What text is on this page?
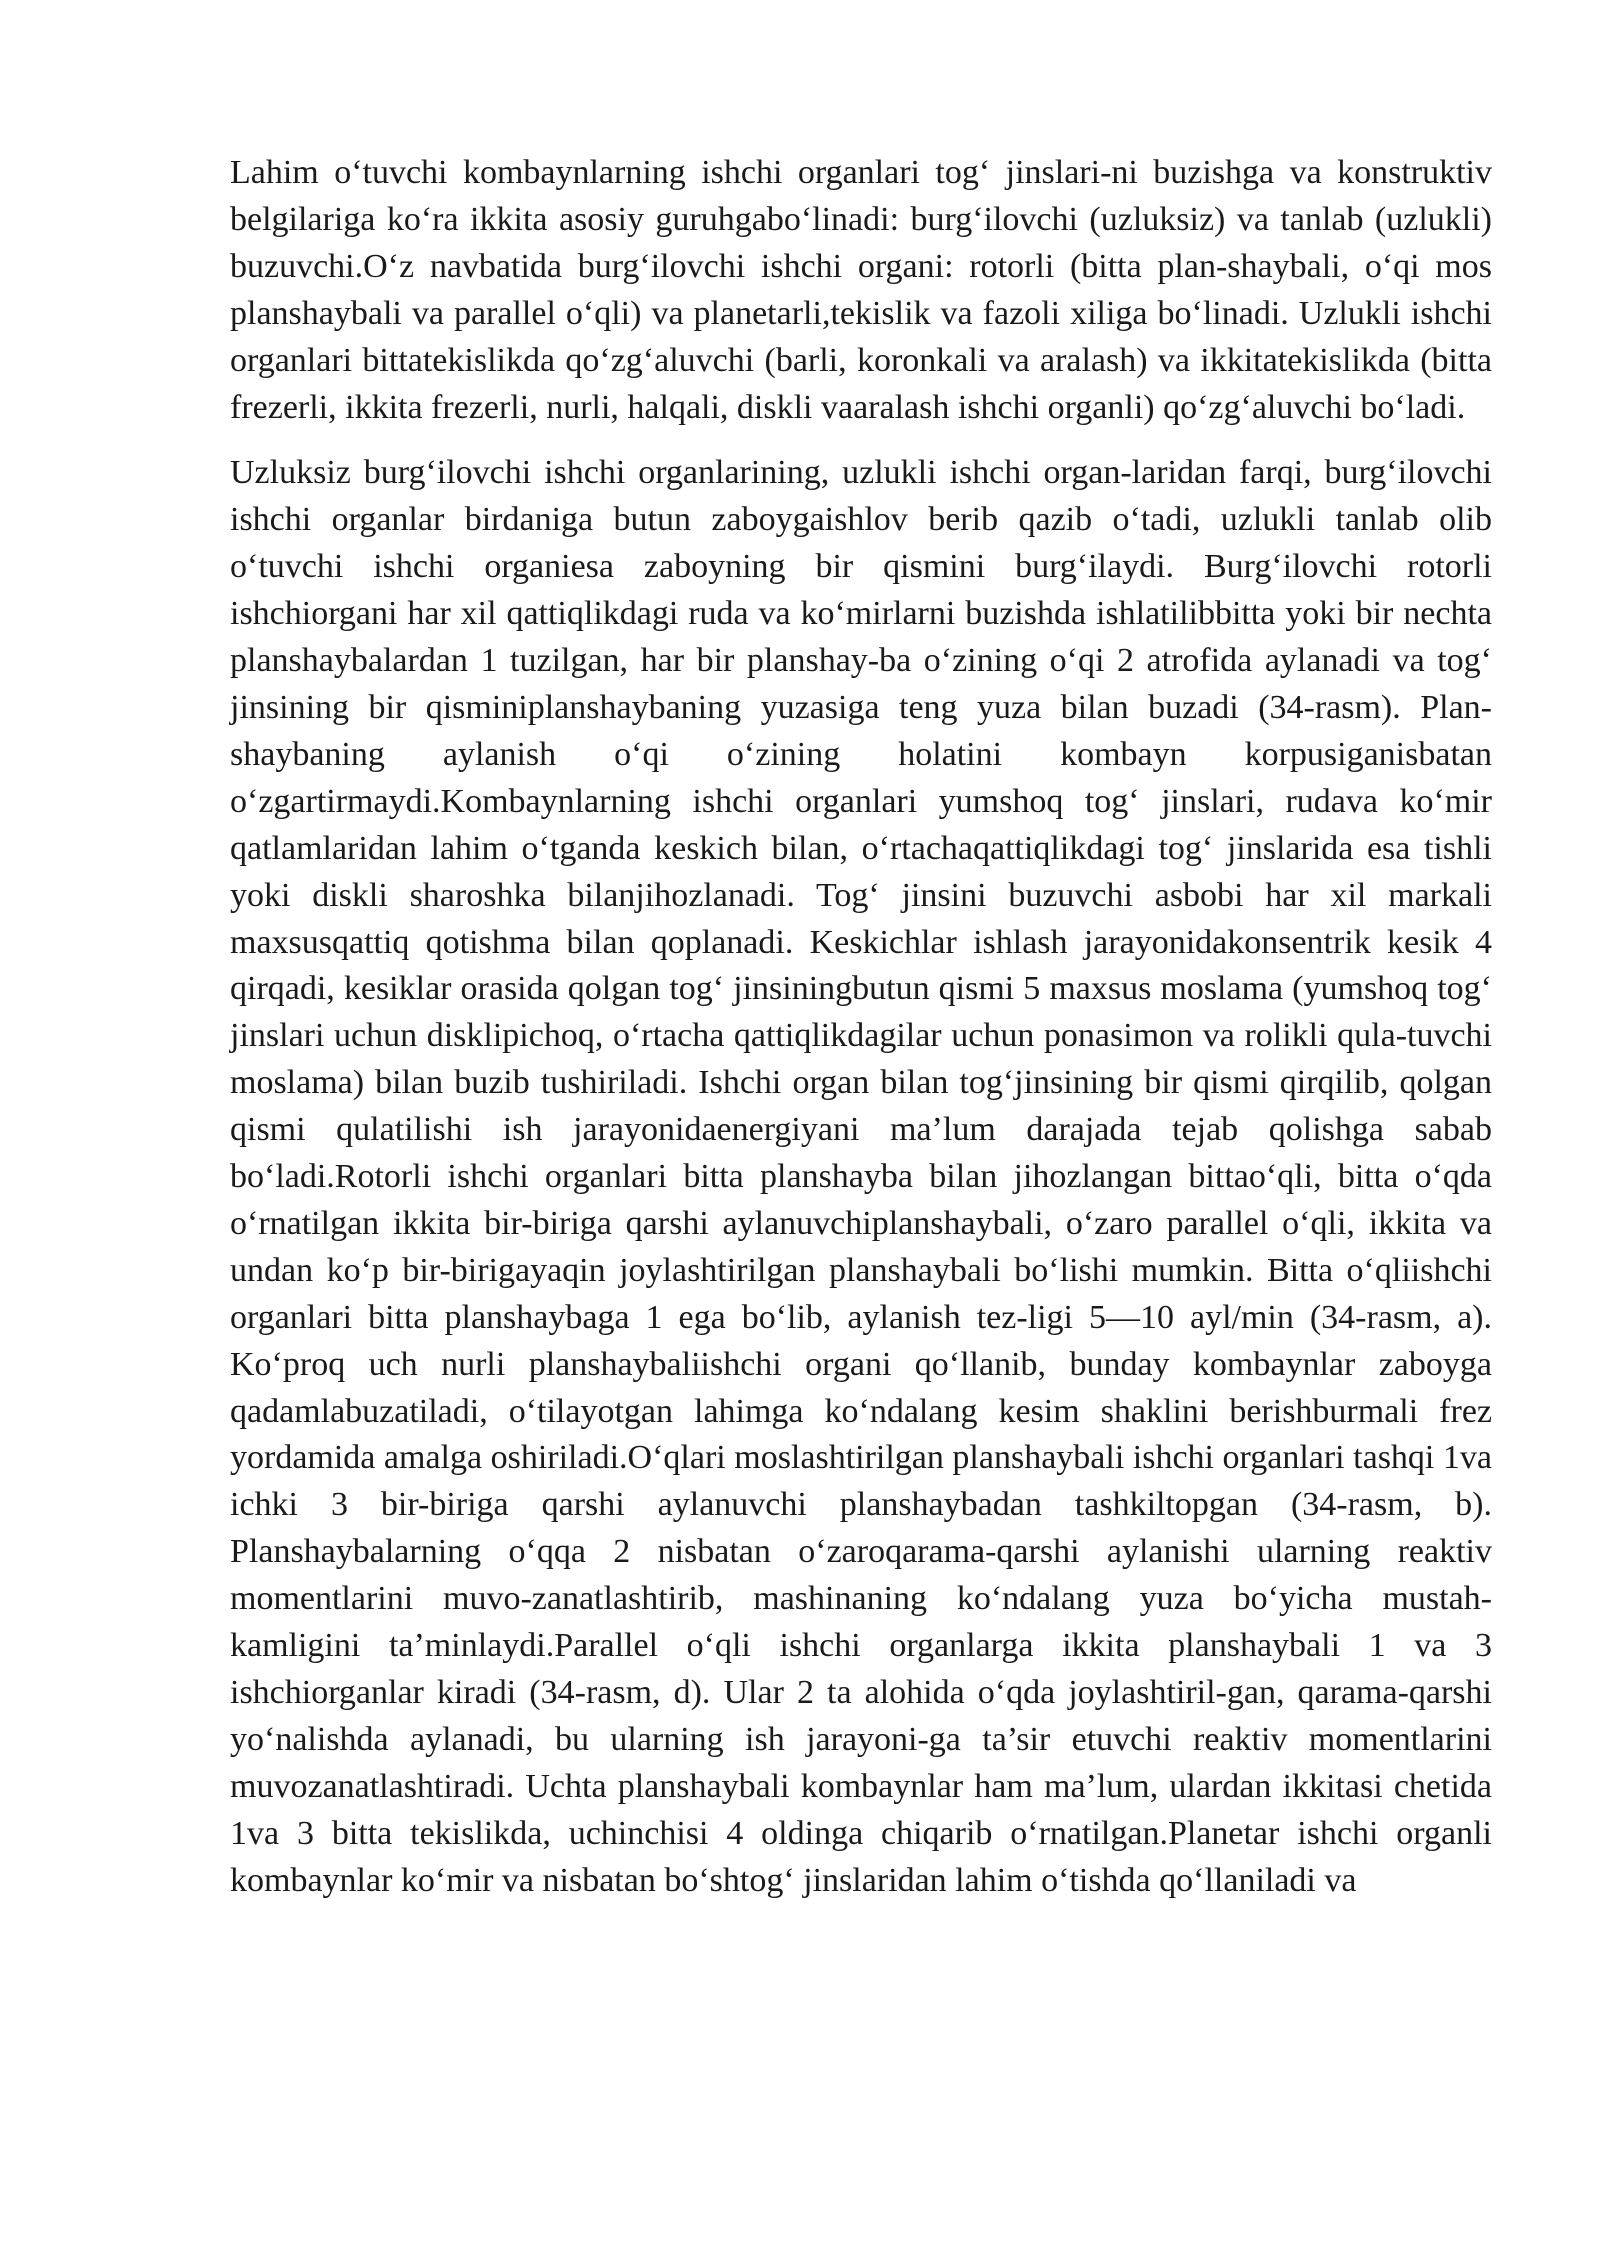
Lahim o‘tuvchi kombaynlarning ishchi organlari tog‘ jinslari-ni buzishga va konstruktiv belgilariga ko‘ra ikkita asosiy guruhgabo‘linadi: burg‘ilovchi (uzluksiz) va tanlab (uzlukli) buzuvchi.O‘z navbatida burg‘ilovchi ishchi organi: rotorli (bitta plan-shaybali, o‘qi mos planshaybali va parallel o‘qli) va planetarli,tekislik va fazoli xiliga bo‘linadi. Uzlukli ishchi organlari bittatekislikda qo‘zg‘aluvchi (barli, koronkali va aralash) va ikkitatekislikda (bitta frezerli, ikkita frezerli, nurli, halqali, diskli vaaralash ishchi organli) qo‘zg‘aluvchi bo‘ladi.

Uzluksiz burg‘ilovchi ishchi organlarining, uzlukli ishchi organ-laridan farqi, burg‘ilovchi ishchi organlar birdaniga butun zaboygaishlov berib qazib o‘tadi, uzlukli tanlab olib o‘tuvchi ishchi organiesa zaboyning bir qismini burg‘ilaydi. Burg‘ilovchi rotorli ishchiorgani har xil qattiqlikdagi ruda va ko‘mirlarni buzishda ishlatilibbitta yoki bir nechta planshaybalardan 1 tuzilgan, har bir planshay-ba o‘zining o‘qi 2 atrofida aylanadi va tog‘ jinsining bir qisminiplanshaybaning yuzasiga teng yuza bilan buzadi (34-rasm). Plan-shaybaning aylanish o‘qi o‘zining holatini kombayn korpusiganisbatan o‘zgartirmaydi.Kombaynlarning ishchi organlari yumshoq tog‘ jinslari, rudava ko‘mir qatlamlaridan lahim o‘tganda keskich bilan, o‘rtachaqattiqlikdagi tog‘ jinslarida esa tishli yoki diskli sharoshka bilanjihozlanadi. Tog‘ jinsini buzuvchi asbobi har xil markali maxsusqattiq qotishma bilan qoplanadi. Keskichlar ishlash jarayonidakonsentrik kesik 4 qirqadi, kesiklar orasida qolgan tog‘ jinsiningbutun qismi 5 maxsus moslama (yumshoq tog‘ jinslari uchun disklipichoq, o‘rtacha qattiqlikdagilar uchun ponasimon va rolikli qula-tuvchi moslama) bilan buzib tushiriladi. Ishchi organ bilan tog‘jinsining bir qismi qirqilib, qolgan qismi qulatilishi ish jarayonidaenergiyani ma’lum darajada tejab qolishga sabab bo‘ladi.Rotorli ishchi organlari bitta planshayba bilan jihozlangan bittao‘qli, bitta o‘qda o‘rnatilgan ikkita bir-biriga qarshi aylanuvchiplanshaybali, o‘zaro parallel o‘qli, ikkita va undan ko‘p bir-birigayaqin joylashtirilgan planshaybali bo‘lishi mumkin. Bitta o‘qliishchi organlari bitta planshaybaga 1 ega bo‘lib, aylanish tez-ligi 5—10 ayl/min (34-rasm, a). Ko‘proq uch nurli planshaybaliishchi organi qo‘llanib, bunday kombaynlar zaboyga qadamlabuzatiladi, o‘tilayotgan lahimga ko‘ndalang kesim shaklini berishburmali frez yordamida amalga oshiriladi.O‘qlari moslashtirilgan planshaybali ishchi organlari tashqi 1va ichki 3 bir-biriga qarshi aylanuvchi planshaybadan tashkiltopgan (34-rasm, b). Planshaybalarning o‘qqa 2 nisbatan o‘zaroqarama-qarshi aylanishi ularning reaktiv momentlarini muvo-zanatlashtirib, mashinaning ko‘ndalang yuza bo‘yicha mustah-kamligini ta’minlaydi.Parallel o‘qli ishchi organlarga ikkita planshaybali 1 va 3 ishchiorganlar kiradi (34-rasm, d). Ular 2 ta alohida o‘qda joylashtiril-gan, qarama-qarshi yo‘nalishda aylanadi, bu ularning ish jarayoni-ga ta’sir etuvchi reaktiv momentlarini muvozanatlashtiradi. Uchta planshaybali kombaynlar ham ma’lum, ulardan ikkitasi chetida 1va 3 bitta tekislikda, uchinchisi 4 oldinga chiqarib o‘rnatilgan.Planetar ishchi organli kombaynlar ko‘mir va nisbatan bo‘shtog‘ jinslaridan lahim o‘tishda qo‘llaniladi va
